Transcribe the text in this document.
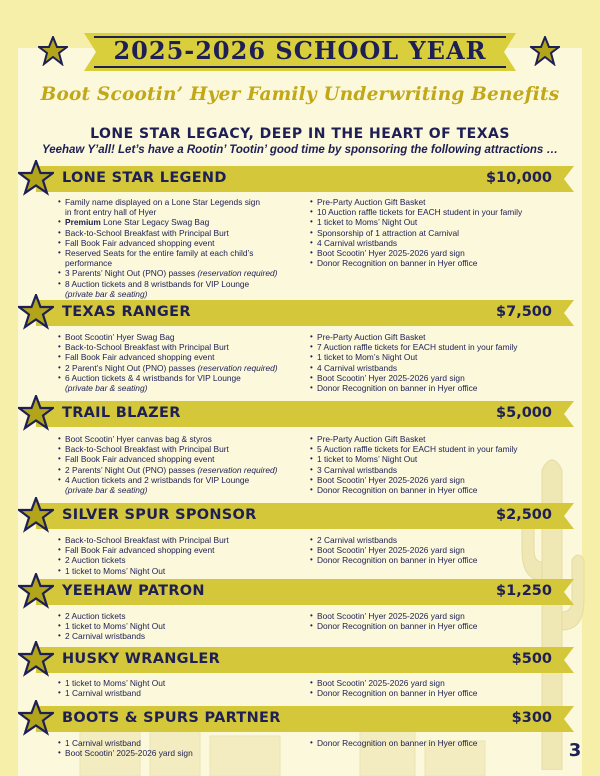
2025-2026 SCHOOL YEAR
Boot Scootin’ Hyer Family Underwriting Benefits
LONE STAR LEGACY, DEEP IN THE HEART OF TEXAS
Yeehaw Y’all! Let’s have a Rootin’ Tootin’ good time by sponsoring the following attractions …
LONE STAR LEGEND	$10,000
• Family name displayed on a Lone Star Legends sign
in front entry hall of Hyer
• Premium Lone Star Legacy Swag Bag
• Back-to-School Breakfast with Principal Burt
• Fall Book Fair advanced shopping event
• Reserved Seats for the entire family at each child’s
performance
• 3 Parents’ Night Out (PNO) passes (reservation required)
• 8 Auction tickets and 8 wristbands for VIP Lounge
(private bar & seating)
• Pre-Party Auction Gift Basket
• 10 Auction raffle tickets for EACH student in your family
• 1 ticket to Moms’ Night Out
• Sponsorship of 1 attraction at Carnival
• 4 Carnival wristbands
• Boot Scootin’ Hyer 2025-2026 yard sign
• Donor Recognition on banner in Hyer office
TEXAS RANGER	$7,500
• Boot Scootin’ Hyer Swag Bag
• Back-to-School Breakfast with Principal Burt
• Fall Book Fair advanced shopping event
• 2 Parent’s Night Out (PNO) passes (reservation required)
• 6 Auction tickets & 4 wristbands for VIP Lounge
(private bar & seating)
• Pre-Party Auction Gift Basket
• 7 Auction raffle tickets for EACH student in your family
• 1 ticket to Mom’s Night Out
• 4 Carnival wristbands
• Boot Scootin’ Hyer 2025-2026 yard sign
• Donor Recognition on banner in Hyer office
TRAIL BLAZER	$5,000
• Boot Scootin’ Hyer canvas bag & styros
• Back-to-School Breakfast with Principal Burt
• Fall Book Fair advanced shopping event
• 2 Parents’ Night Out (PNO) passes (reservation required)
• 4 Auction tickets and 2 wristbands for VIP Lounge
(private bar & seating)
• Pre-Party Auction Gift Basket
• 5 Auction raffle tickets for EACH student in your family
• 1 ticket to Moms’ Night Out
• 3 Carnival wristbands
• Boot Scootin’ Hyer 2025-2026 yard sign
• Donor Recognition on banner in Hyer office
SILVER SPUR SPONSOR	$2,500
• Back-to-School Breakfast with Principal Burt
• Fall Book Fair advanced shopping event
• 2 Auction tickets
• 1 ticket to Moms’ Night Out
• 2 Carnival wristbands
• Boot Scootin’ Hyer 2025-2026 yard sign
• Donor Recognition on banner in Hyer office
YEEHAW PATRON	$1,250
• 2 Auction tickets
• 1 ticket to Moms’ Night Out
• 2 Carnival wristbands
• Boot Scootin’ Hyer 2025-2026 yard sign
• Donor Recognition on banner in Hyer office
HUSKY WRANGLER	$500
• 1 ticket to Moms’ Night Out
• 1 Carnival wristband
• Boot Scootin’ 2025-2026 yard sign
• Donor Recognition on banner in Hyer office
BOOTS & SPURS PARTNER	$300
• 1 Carnival wristband
• Boot Scootin’ 2025-2026 yard sign
• Donor Recognition on banner in Hyer office	3
